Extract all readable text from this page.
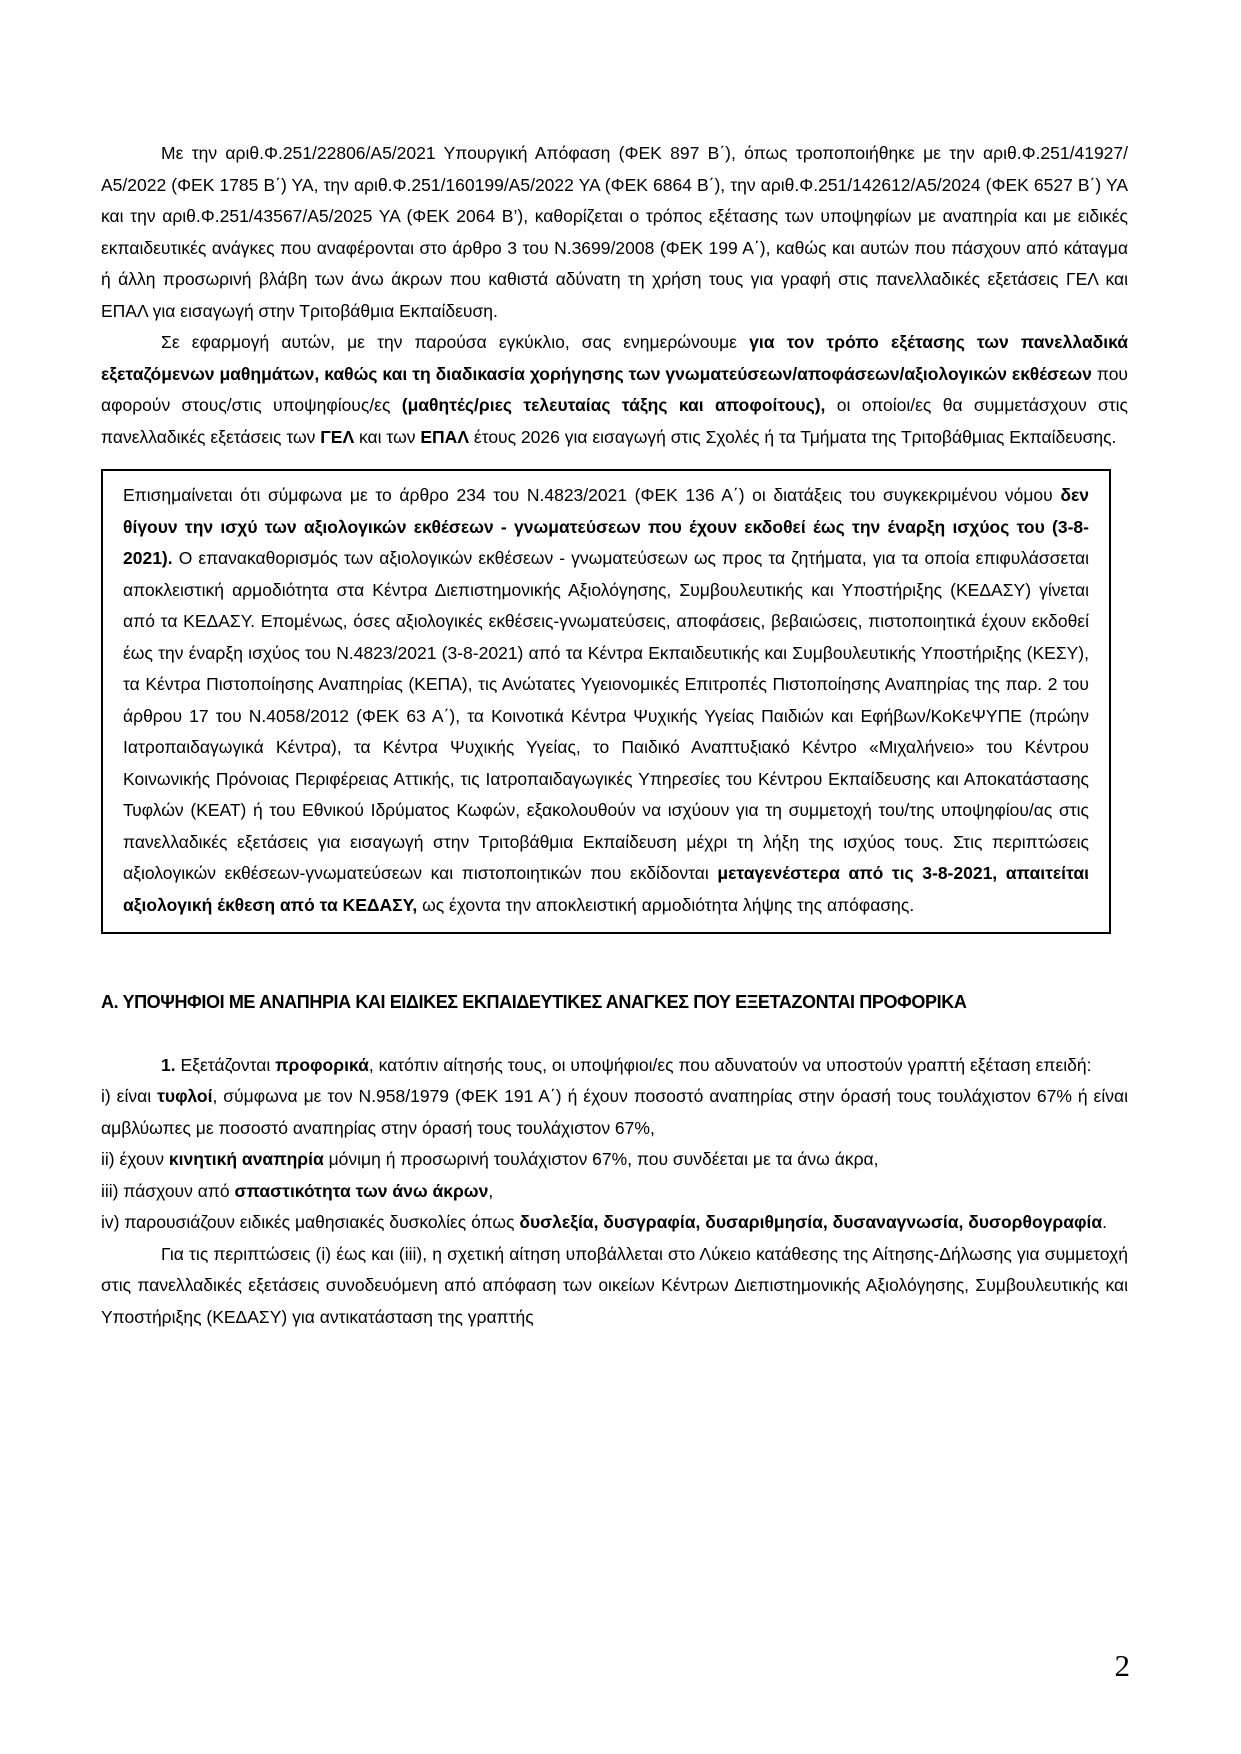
Με την αριθ.Φ.251/22806/Α5/2021 Υπουργική Απόφαση (ΦΕΚ 897 Β΄), όπως τροποποιήθηκε με την αριθ.Φ.251/41927/Α5/2022 (ΦΕΚ 1785 Β΄) ΥΑ, την αριθ.Φ.251/160199/Α5/2022 ΥΑ (ΦΕΚ 6864 Β΄), την αριθ.Φ.251/142612/Α5/2024 (ΦΕΚ 6527 Β΄) ΥΑ και την αριθ.Φ.251/43567/Α5/2025 ΥΑ (ΦΕΚ 2064 Β’), καθορίζεται ο τρόπος εξέτασης των υποψηφίων με αναπηρία και με ειδικές εκπαιδευτικές ανάγκες που αναφέρονται στο άρθρο 3 του Ν.3699/2008 (ΦΕΚ 199 Α΄), καθώς και αυτών που πάσχουν από κάταγμα ή άλλη προσωρινή βλάβη των άνω άκρων που καθιστά αδύνατη τη χρήση τους για γραφή στις πανελλαδικές εξετάσεις ΓΕΛ και ΕΠΑΛ για εισαγωγή στην Τριτοβάθμια Εκπαίδευση.

Σε εφαρμογή αυτών, με την παρούσα εγκύκλιο, σας ενημερώνουμε για τον τρόπο εξέτασης των πανελλαδικά εξεταζόμενων μαθημάτων, καθώς και τη διαδικασία χορήγησης των γνωματεύσεων/αποφάσεων/αξιολογικών εκθέσεων που αφορούν στους/στις υποψηφίους/ες (μαθητές/ριες τελευταίας τάξης και αποφοίτους), οι οποίοι/ες θα συμμετάσχουν στις πανελλαδικές εξετάσεις των ΓΕΛ και των ΕΠΑΛ έτους 2026 για εισαγωγή στις Σχολές ή τα Τμήματα της Τριτοβάθμιας Εκπαίδευσης.

Επισημαίνεται ότι σύμφωνα με το άρθρο 234 του Ν.4823/2021 (ΦΕΚ 136 Α΄) οι διατάξεις του συγκεκριμένου νόμου δεν θίγουν την ισχύ των αξιολογικών εκθέσεων - γνωματεύσεων που έχουν εκδοθεί έως την έναρξη ισχύος του (3-8-2021). Ο επανακαθορισμός των αξιολογικών εκθέσεων - γνωματεύσεων ως προς τα ζητήματα, για τα οποία επιφυλάσσεται αποκλειστική αρμοδιότητα στα Κέντρα Διεπιστημονικής Αξιολόγησης, Συμβουλευτικής και Υποστήριξης (ΚΕΔΑΣΥ) γίνεται από τα ΚΕΔΑΣΥ. Επομένως, όσες αξιολογικές εκθέσεις-γνωματεύσεις, αποφάσεις, βεβαιώσεις, πιστοποιητικά έχουν εκδοθεί έως την έναρξη ισχύος του Ν.4823/2021 (3-8-2021) από τα Κέντρα Εκπαιδευτικής και Συμβουλευτικής Υποστήριξης (ΚΕΣΥ), τα Κέντρα Πιστοποίησης Αναπηρίας (ΚΕΠΑ), τις Ανώτατες Υγειονομικές Επιτροπές Πιστοποίησης Αναπηρίας της παρ. 2 του άρθρου 17 του Ν.4058/2012 (ΦΕΚ 63 Α΄), τα Κοινοτικά Κέντρα Ψυχικής Υγείας Παιδιών και Εφήβων/ΚοΚεΨΥΠΕ (πρώην Ιατροπαιδαγωγικά Κέντρα), τα Κέντρα Ψυχικής Υγείας, το Παιδικό Αναπτυξιακό Κέντρο «Μιχαλήνειο» του Κέντρου Κοινωνικής Πρόνοιας Περιφέρειας Αττικής, τις Ιατροπαιδαγωγικές Υπηρεσίες του Κέντρου Εκπαίδευσης και Αποκατάστασης Τυφλών (ΚΕΑΤ) ή του Εθνικού Ιδρύματος Κωφών, εξακολουθούν να ισχύουν για τη συμμετοχή του/της υποψηφίου/ας στις πανελλαδικές εξετάσεις για εισαγωγή στην Τριτοβάθμια Εκπαίδευση μέχρι τη λήξη της ισχύος τους. Στις περιπτώσεις αξιολογικών εκθέσεων-γνωματεύσεων και πιστοποιητικών που εκδίδονται μεταγενέστερα από τις 3-8-2021, απαιτείται αξιολογική έκθεση από τα ΚΕΔΑΣΥ, ως έχοντα την αποκλειστική αρμοδιότητα λήψης της απόφασης.

Α. ΥΠΟΨΗΦΙΟΙ ΜΕ ΑΝΑΠΗΡΙΑ ΚΑΙ ΕΙΔΙΚΕΣ ΕΚΠΑΙΔΕΥΤΙΚΕΣ ΑΝΑΓΚΕΣ ΠΟΥ ΕΞΕΤΑΖΟΝΤΑΙ ΠΡΟΦΟΡΙΚΑ

1. Εξετάζονται προφορικά, κατόπιν αίτησής τους, οι υποψήφιοι/ες που αδυνατούν να υποστούν γραπτή εξέταση επειδή:

i) είναι τυφλοί, σύμφωνα με τον Ν.958/1979 (ΦΕΚ 191 Α΄) ή έχουν ποσοστό αναπηρίας στην όρασή τους τουλάχιστον 67% ή είναι αμβλύωπες με ποσοστό αναπηρίας στην όρασή τους τουλάχιστον 67%,

ii) έχουν κινητική αναπηρία μόνιμη ή προσωρινή τουλάχιστον 67%, που συνδέεται με τα άνω άκρα,

iii) πάσχουν από σπαστικότητα των άνω άκρων,

iv) παρουσιάζουν ειδικές μαθησιακές δυσκολίες όπως δυσλεξία, δυσγραφία, δυσαριθμησία, δυσαναγνωσία, δυσορθογραφία.

Για τις περιπτώσεις (i) έως και (iii), η σχετική αίτηση υποβάλλεται στο Λύκειο κατάθεσης της Αίτησης-Δήλωσης για συμμετοχή στις πανελλαδικές εξετάσεις συνοδευόμενη από απόφαση των οικείων Κέντρων Διεπιστημονικής Αξιολόγησης, Συμβουλευτικής και Υποστήριξης (ΚΕΔΑΣΥ) για αντικατάσταση της γραπτής

2
